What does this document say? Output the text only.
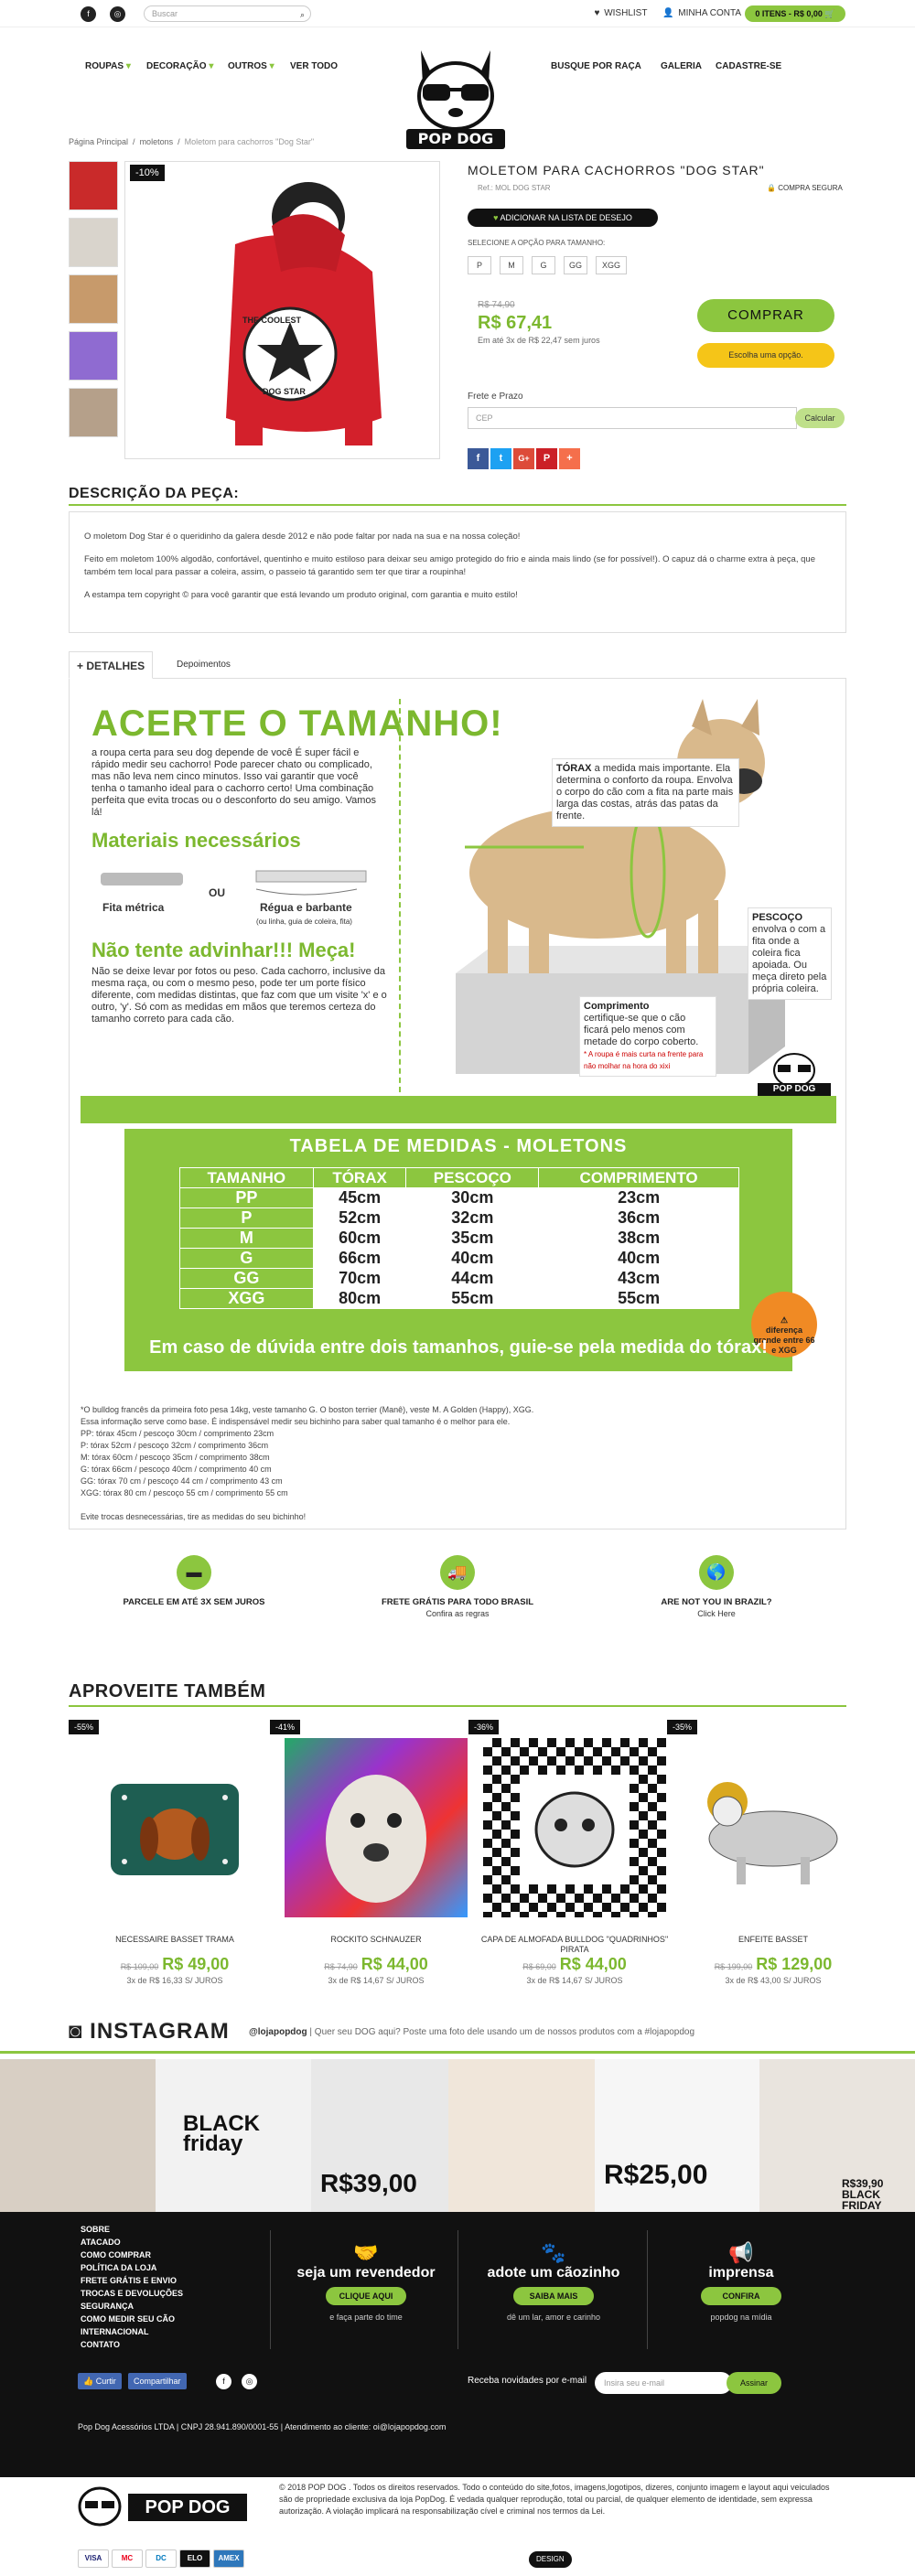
f	◎	Buscar	⌕	♥ WISHLIST 👤 MINHA CONTA	0 ITENS - R$ 0,00 🛒
ROUPAS ▾ DECORAÇÃO ▾ OUTROS ▾ VER TODO	BUSQUE POR RAÇA GALERIA CADASTRE-SE
POP DOG
Página Principal  /  moletons  /  Moletom para cachorros "Dog Star"
THE COOLEST
DOG STAR
-10%	MOLETOM PARA CACHORROS "DOG STAR"
Ref.: MOL DOG STAR	🔒 COMPRA SEGURA
♥ ADICIONAR NA LISTA DE DESEJO
SELECIONE A OPÇÃO PARA TAMANHO:
P	M	G	GG XGG
R$ 74,90
R$ 67,41
Em até 3x de R$ 22,47 sem juros
COMPRAR
Escolha uma opção.
Frete e Prazo
CEP	Calcular
f t G+ P +
DESCRIÇÃO DA PEÇA:

O moletom Dog Star é o queridinho da galera desde 2012 e não pode faltar por nada na sua e na nossa coleção!

Feito em moletom 100% algodão, confortável, quentinho e muito estiloso para deixar seu amigo protegido do frio e ainda mais lindo (se for possível!). O capuz dá o charme extra à peça, que também tem local para passar a coleira, assim, o passeio tá garantido sem ter que tirar a roupinha!

A estampa tem copyright © para você garantir que está levando um produto original, com garantia e muito estilo!

+ DETALHES	Depoimentos
ACERTE O TAMANHO!
a roupa certa para seu dog depende de você É super fácil e rápido medir seu cachorro! Pode parecer chato ou complicado, mas não leva nem cinco minutos. Isso vai garantir que você tenha o tamanho ideal para o cachorro certo! Uma combinação perfeita que evita trocas ou o desconforto do seu amigo. Vamos lá!
Materiais necessários
Fita métrica
OU
Régua e barbante
(ou linha, guia de coleira, fita)
Não tente advinhar!!! Meça!
Não se deixe levar por fotos ou peso. Cada cachorro, inclusive da mesma raça, ou com o mesmo peso, pode ter um porte físico diferente, com medidas distintas, que faz com que um visite 'x' e o outro, 'y'. Só com as medidas em mãos que teremos certeza do tamanho correto para cada cão.
TÓRAX a medida mais importante. Ela determina o conforto da roupa. Envolva o corpo do cão com a fita na parte mais larga das costas, atrás das patas da frente.
PESCOÇO envolva o com a fita onde a coleira fica apoiada. Ou meça direto pela própria coleira.
Comprimento
certifique-se que o cão ficará pelo menos com metade do corpo coberto.
* A roupa é mais curta na frente para não molhar na hora do xixi
POP DOG
TABELA DE MEDIDAS - MOLETONS
TAMANHO	TÓRAX	PESCOÇO	COMPRIMENTO
PP	45cm	30cm	23cm
P	52cm	32cm	36cm
M	60cm	35cm	38cm
G	66cm	40cm	40cm
GG	70cm	44cm	43cm
XGG	80cm	55cm	55cm
⚠
diferença grande entre 66 e XGG
Em caso de dúvida entre dois tamanhos, guie-se pela medida do tórax!
*O bulldog francês da primeira foto pesa 14kg, veste tamanho G. O boston terrier (Manê), veste M. A Golden (Happy), XGG.
Essa informação serve como base. É indispensável medir seu bichinho para saber qual tamanho é o melhor para ele.
PP: tórax 45cm / pescoço 30cm / comprimento 23cm
P: tórax 52cm / pescoço 32cm / comprimento 36cm
M: tórax 60cm / pescoço 35cm / comprimento 38cm
G: tórax 66cm / pescoço 40cm / comprimento 40 cm
GG: tórax 70 cm / pescoço 44 cm / comprimento 43 cm
XGG: tórax 80 cm / pescoço 55 cm / comprimento 55 cm
Evite trocas desnecessárias, tire as medidas do seu bichinho!
▬
PARCELE EM ATÉ 3X SEM JUROS
🚚
FRETE GRÁTIS PARA TODO BRASIL
Confira as regras
🌎
ARE NOT YOU IN BRAZIL?
Click Here
APROVEITE TAMBÉM
-55%
NECESSAIRE BASSET TRAMA
R$ 109,00 R$ 49,00
3x de R$ 16,33 S/ JUROS
-41%
ROCKITO SCHNAUZER
R$ 74,90 R$ 44,00
3x de R$ 14,67 S/ JUROS
-36%
CAPA DE ALMOFADA BULLDOG "QUADRINHOS" PIRATA
R$ 69,00 R$ 44,00
3x de R$ 14,67 S/ JUROS
-35%
ENFEITE BASSET
R$ 199,00 R$ 129,00
3x de R$ 43,00 S/ JUROS
◙ INSTAGRAM @lojapopdog | Quer seu DOG aqui? Poste uma foto dele usando um de nossos produtos com a #lojapopdog
BLACK friday
R$39,00	R$25,00	R$39,90 BLACK FRIDAY
SOBRE
ATACADO
COMO COMPRAR
POLÍTICA DA LOJA
FRETE GRÁTIS E ENVIO
TROCAS E DEVOLUÇÕES
SEGURANÇA
COMO MEDIR SEU CÃO
INTERNACIONAL
CONTATO
🤝
seja um revendedor
CLIQUE AQUI
e faça parte do time
🐾
adote um cãozinho
SAIBA MAIS
dê um lar, amor e carinho
📢
imprensa
CONFIRA
popdog na mídia
👍 Curtir	Compartilhar	f	◎	Receba novidades por e-mail	Insira seu e-mail	Assinar
Pop Dog Acessórios LTDA | CNPJ 28.941.890/0001-55 | Atendimento ao cliente: oi@lojapopdog.com
POP DOG
© 2018 POP DOG . Todos os direitos reservados. Todo o conteúdo do site,fotos, imagens,logotipos, dizeres, conjunto imagem e layout aqui veiculados são de propriedade exclusiva da loja PopDog. É vedada qualquer reprodução, total ou parcial, de qualquer elemento de identidade, sem expressa autorização. A violação implicará na responsabilização cível e criminal nos termos da Lei.
VISA	MC	DC	ELO AMEX	DESIGN
